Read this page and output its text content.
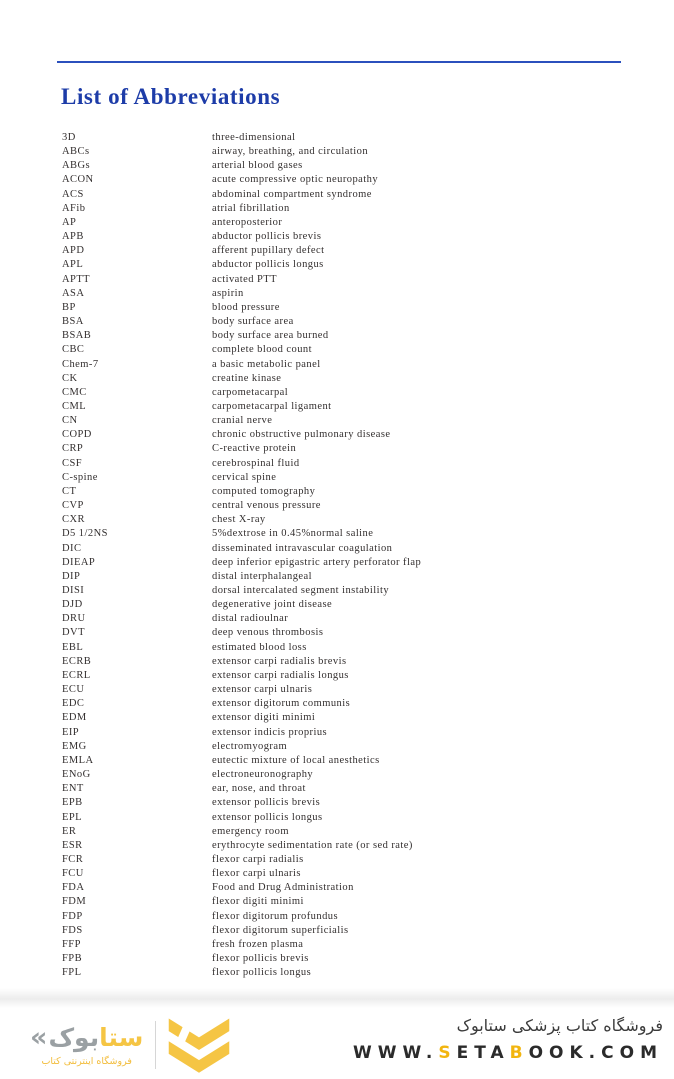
List of Abbreviations
3D	three-dimensional
ABCs	airway, breathing, and circulation
ABGs	arterial blood gases
ACON	acute compressive optic neuropathy
ACS	abdominal compartment syndrome
AFib	atrial fibrillation
AP	anteroposterior
APB	abductor pollicis brevis
APD	afferent pupillary defect
APL	abductor pollicis longus
APTT	activated PTT
ASA	aspirin
BP	blood pressure
BSA	body surface area
BSAB	body surface area burned
CBC	complete blood count
Chem-7	a basic metabolic panel
CK	creatine kinase
CMC	carpometacarpal
CML	carpometacarpal ligament
CN	cranial nerve
COPD	chronic obstructive pulmonary disease
CRP	C-reactive protein
CSF	cerebrospinal fluid
C-spine	cervical spine
CT	computed tomography
CVP	central venous pressure
CXR	chest X-ray
D5 1/2NS	5%dextrose in 0.45%normal saline
DIC	disseminated intravascular coagulation
DIEAP	deep inferior epigastric artery perforator flap
DIP	distal interphalangeal
DISI	dorsal intercalated segment instability
DJD	degenerative joint disease
DRU	distal radioulnar
DVT	deep venous thrombosis
EBL	estimated blood loss
ECRB	extensor carpi radialis brevis
ECRL	extensor carpi radialis longus
ECU	extensor carpi ulnaris
EDC	extensor digitorum communis
EDM	extensor digiti minimi
EIP	extensor indicis proprius
EMG	electromyogram
EMLA	eutectic mixture of local anesthetics
ENoG	electroneuronography
ENT	ear, nose, and throat
EPB	extensor pollicis brevis
EPL	extensor pollicis longus
ER	emergency room
ESR	erythrocyte sedimentation rate (or sed rate)
FCR	flexor carpi radialis
FCU	flexor carpi ulnaris
FDA	Food and Drug Administration
FDM	flexor digiti minimi
FDP	flexor digitorum profundus
FDS	flexor digitorum superficialis
FFP	fresh frozen plasma
FPB	flexor pollicis brevis
FPL	flexor pollicis longus
« بوک ستا
فروشگاه اینترنتی کتاب
فروشگاه کتاب پزشکی ستابوک
WWW.SETABOOK.COM
